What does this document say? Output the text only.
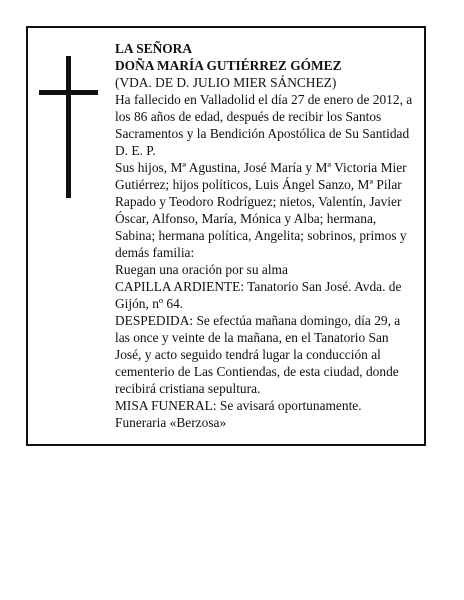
LA SEÑORA

DOÑA MARÍA GUTIÉRREZ GÓMEZ

(VDA. DE D. JULIO MIER SÁNCHEZ)

Ha fallecido en Valladolid el día 27 de enero de 2012, a los 86 años de edad, después de recibir los Santos Sacramentos y la Bendición Apostólica de Su Santidad D. E. P.

Sus hijos, Mª Agustina, José María y Mª Victoria Mier Gutiérrez; hijos políticos, Luis Ángel Sanzo, Mª Pilar Rapado y Teodoro Rodríguez; nietos, Valentín, Javier Óscar, Alfonso, María, Mónica y Alba; hermana, Sabina; hermana política, Angelita; sobrinos, primos y demás familia:

Ruegan una oración por su alma

CAPILLA ARDIENTE: Tanatorio San José. Avda. de Gijón, nº 64.

DESPEDIDA: Se efectúa mañana domingo, día 29, a las once y veinte de la mañana, en el Tanatorio San José, y acto seguido tendrá lugar la conducción al cementerio de Las Contiendas, de esta ciudad, donde recibirá cristiana sepultura.

MISA FUNERAL: Se avisará oportunamente.

Funeraria «Berzosa»
